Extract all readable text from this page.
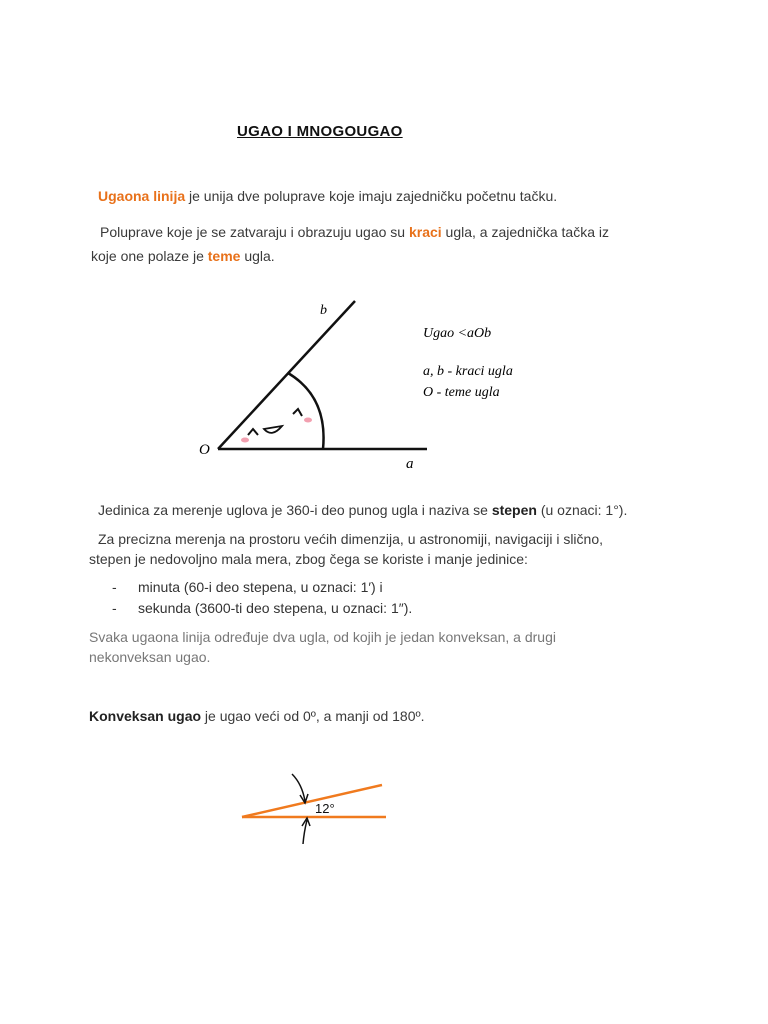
UGAO I MNOGOUGAO
Ugaona linija je unija dve poluprave koje imaju zajedničku početnu tačku.
Poluprave koje je se zatvaraju i obrazuju ugao su kraci ugla, a zajednička tačka iz
koje one polaze je teme ugla.
b
O
a
Ugao <aOb
a, b - kraci ugla
O - teme ugla
Jedinica za merenje uglova je 360-i deo punog ugla i naziva se stepen (u oznaci: 1°).
Za precizna merenja na prostoru većih dimenzija, u astronomiji, navigaciji i slično,
stepen je nedovoljno mala mera, zbog čega se koriste i manje jedinice:
- minuta (60-i deo stepena, u oznaci: 1′) i
- sekunda (3600-ti deo stepena, u oznaci: 1″).
Svaka ugaona linija određuje dva ugla, od kojih je jedan konveksan, a drugi
nekonveksan ugao.
Konveksan ugao je ugao veći od 0º, a manji od 180º.
12°
